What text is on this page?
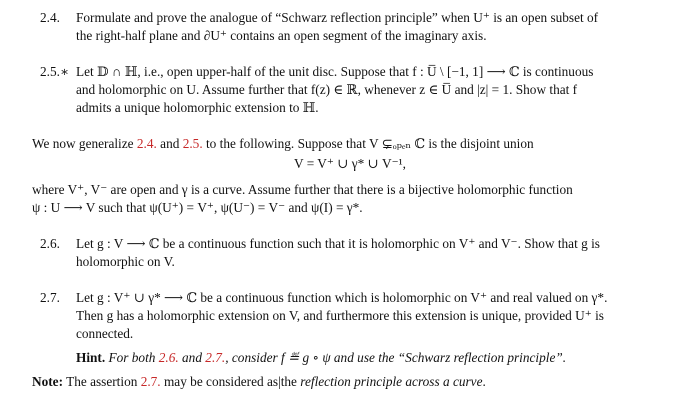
2.4. Formulate and prove the analogue of “Schwarz reflection principle” when U⁺ is an open subset of
the right-half plane and ∂U⁺ contains an open segment of the imaginary axis.
2.5.∗ Let 𝔻 ∩ ℍ, i.e., open upper-half of the unit disc. Suppose that f : U̅ \ [−1, 1] ⟶ ℂ is continuous
and holomorphic on U. Assume further that f(z) ∈ ℝ, whenever z ∈ U̅ and |z| = 1. Show that f
admits a unique holomorphic extension to ℍ.
We now generalize 2.4. and 2.5. to the following. Suppose that V ⊊ₒₚₑₙ ℂ is the disjoint union
V = V⁺ ∪ γ* ∪ V⁻¹,
where V⁺, V⁻ are open and γ is a curve. Assume further that there is a bijective holomorphic function
ψ : U ⟶ V such that ψ(U⁺) = V⁺, ψ(U⁻) = V⁻ and ψ(I) = γ*.
2.6. Let g : V ⟶ ℂ be a continuous function such that it is holomorphic on V⁺ and V⁻. Show that g is
holomorphic on V.
2.7. Let g : V⁺ ∪ γ* ⟶ ℂ be a continuous function which is holomorphic on V⁺ and real valued on γ*.
Then g has a holomorphic extension on V, and furthermore this extension is unique, provided U⁺ is
connected.
Hint. For both 2.6. and 2.7., consider f ≝ g ∘ ψ and use the “Schwarz reflection principle”.
Note: The assertion 2.7. may be considered as|the reflection principle across a curve.
